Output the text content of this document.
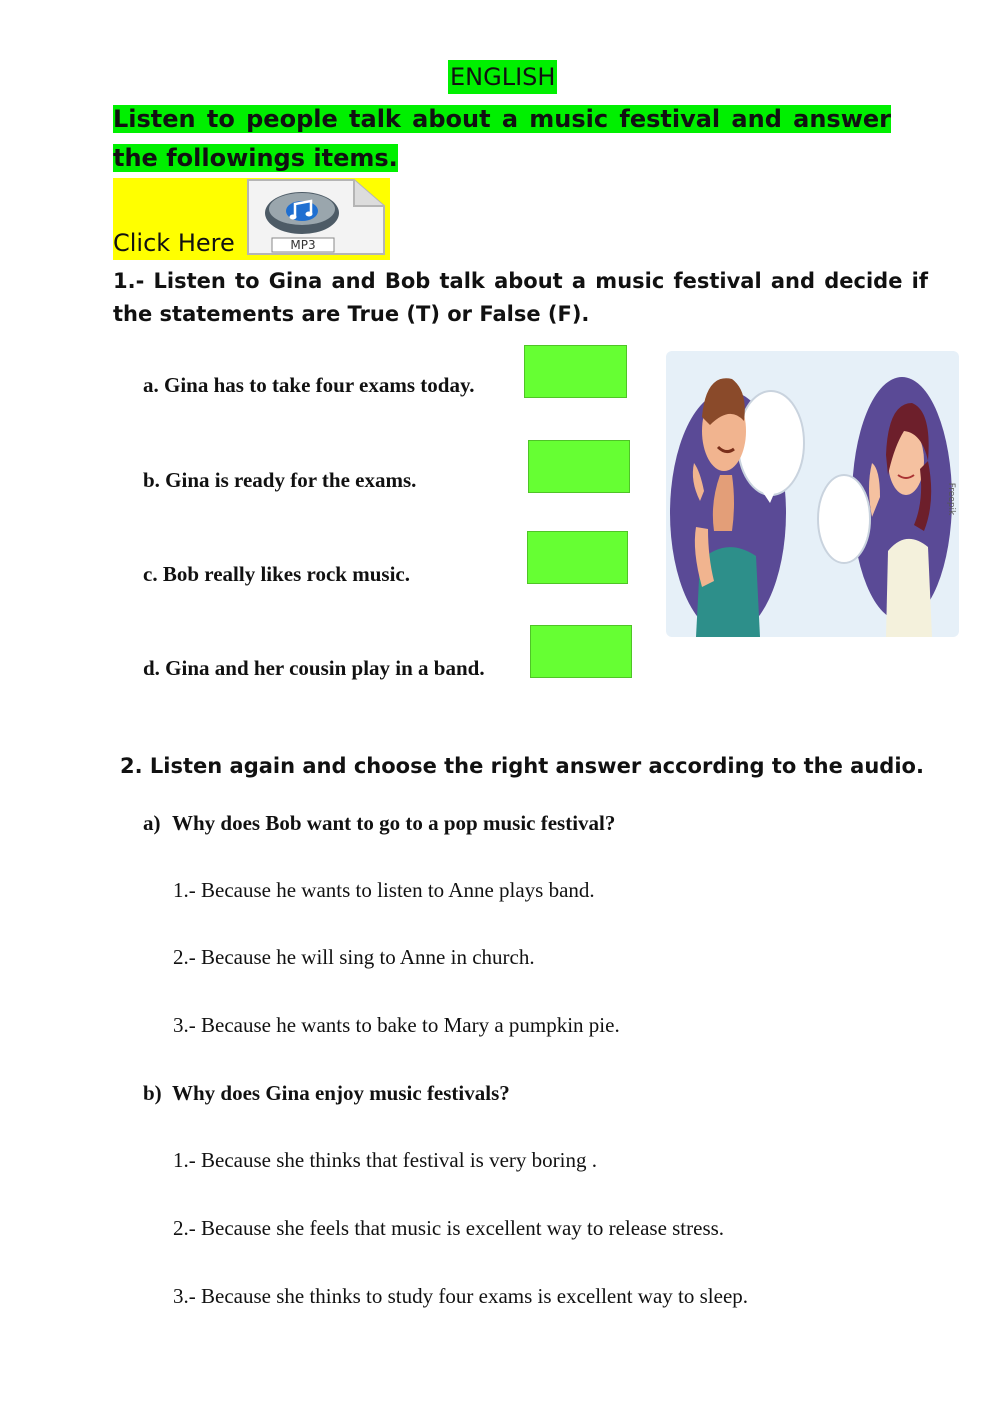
ENGLISH
Listen to people talk about a music festival and answer the followings items.
Click Here	MP3
1.- Listen to Gina and Bob talk about a music festival and decide if the statements are True (T) or False (F).
a. Gina has to take four exams today.
b. Gina is ready for the exams.
c. Bob really likes rock music.
d. Gina and her cousin play in a band.
Freepik
2. Listen again and choose the right answer according to the audio.
a) Why does Bob want to go to a pop music festival?
1.- Because he wants to listen to Anne plays band.
2.- Because he will sing to Anne in church.
3.- Because he wants to bake to Mary a pumpkin pie.
b) Why does Gina enjoy music festivals?
1.- Because she thinks that festival is very boring .
2.- Because she feels that music is excellent way to release stress.
3.- Because she thinks to study four exams is excellent way to sleep.
